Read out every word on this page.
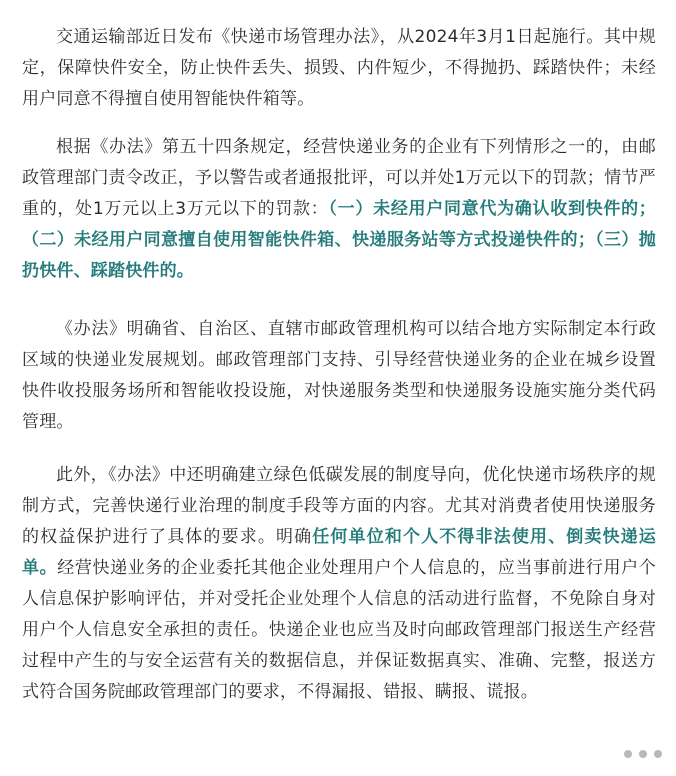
交通运输部近日发布《快递市场管理办法》，从2024年3月1日起施行。其中规定，保障快件安全，防止快件丢失、损毁、内件短少，不得抛扔、踩踏快件；未经用户同意不得擅自使用智能快件箱等。

根据《办法》第五十四条规定，经营快递业务的企业有下列情形之一的，由邮政管理部门责令改正，予以警告或者通报批评，可以并处1万元以下的罚款；情节严重的，处1万元以上3万元以下的罚款：（一）未经用户同意代为确认收到快件的；（二）未经用户同意擅自使用智能快件箱、快递服务站等方式投递快件的；（三）抛扔快件、踩踏快件的。

《办法》明确省、自治区、直辖市邮政管理机构可以结合地方实际制定本行政区域的快递业发展规划。邮政管理部门支持、引导经营快递业务的企业在城乡设置快件收投服务场所和智能收投设施，对快递服务类型和快递服务设施实施分类代码管理。

此外，《办法》中还明确建立绿色低碳发展的制度导向，优化快递市场秩序的规制方式，完善快递行业治理的制度手段等方面的内容。尤其对消费者使用快递服务的权益保护进行了具体的要求。明确任何单位和个人不得非法使用、倒卖快递运单。经营快递业务的企业委托其他企业处理用户个人信息的，应当事前进行用户个人信息保护影响评估，并对受托企业处理个人信息的活动进行监督，不免除自身对用户个人信息安全承担的责任。快递企业也应当及时向邮政管理部门报送生产经营过程中产生的与安全运营有关的数据信息，并保证数据真实、准确、完整，报送方式符合国务院邮政管理部门的要求，不得漏报、错报、瞒报、谎报。
